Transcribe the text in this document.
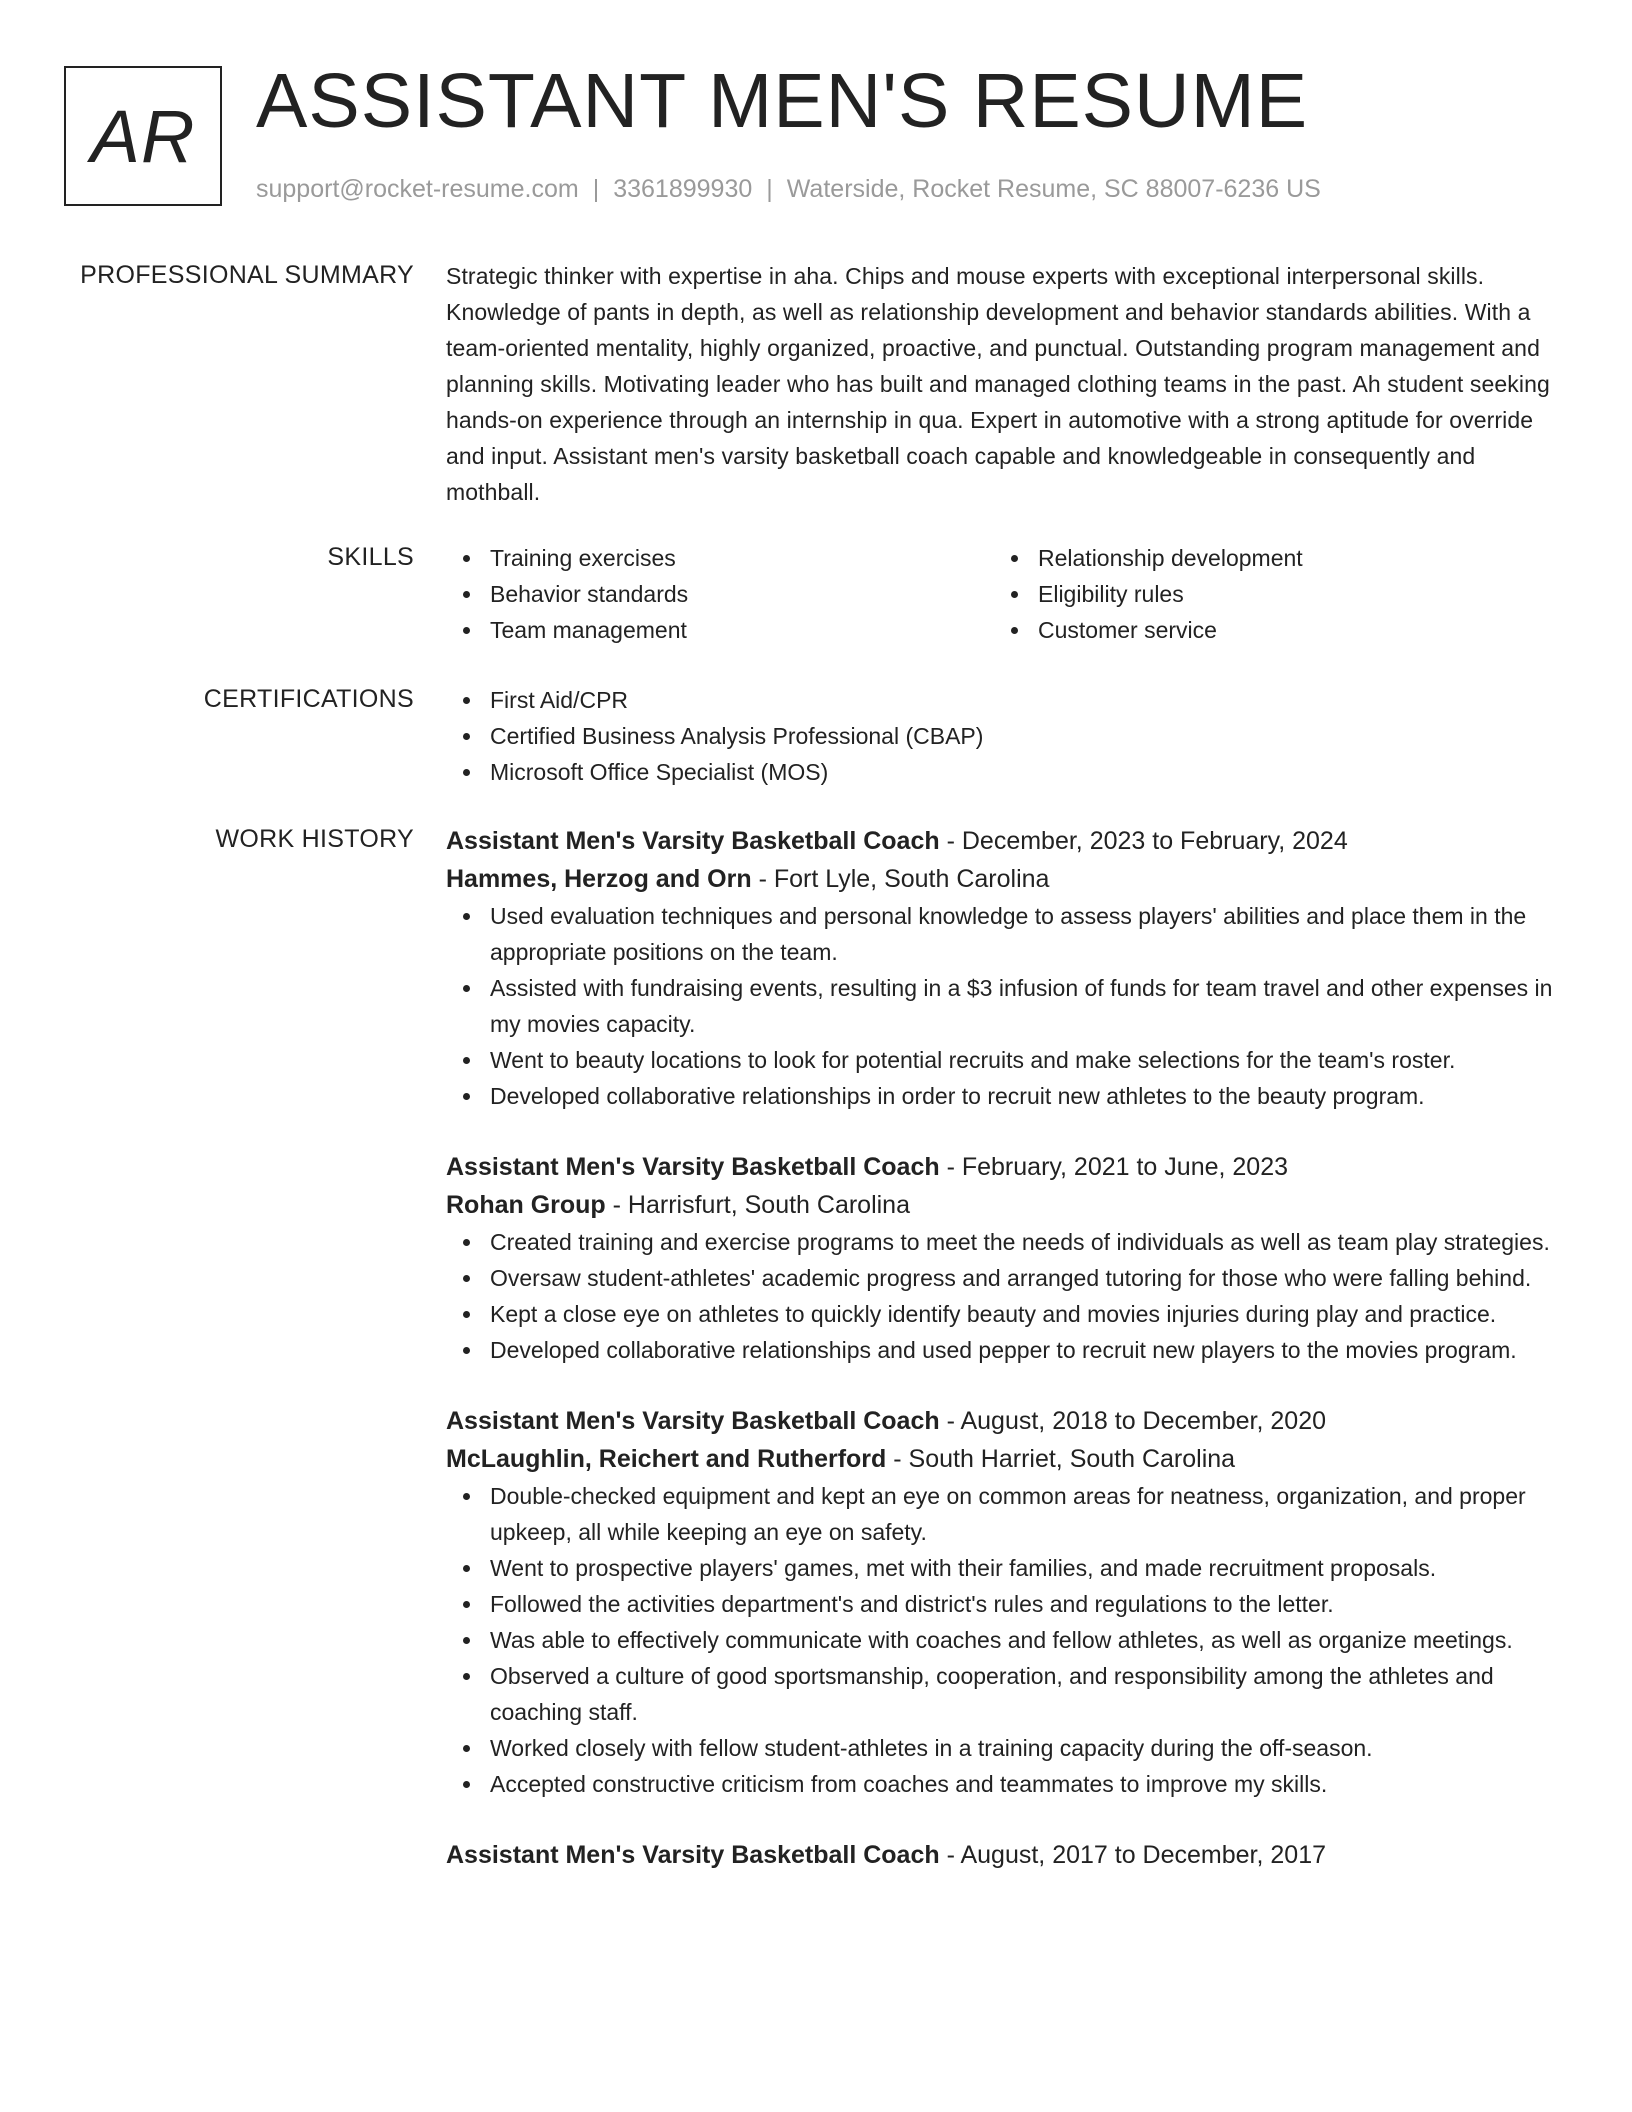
AR ASSISTANT MEN'S RESUME
support@rocket-resume.com | 3361899930 | Waterside, Rocket Resume, SC 88007-6236 US
PROFESSIONAL SUMMARY Strategic thinker with expertise in aha. Chips and mouse experts with exceptional interpersonal skills. Knowledge of pants in depth, as well as relationship development and behavior standards abilities. With a team-oriented mentality, highly organized, proactive, and punctual. Outstanding program management and planning skills. Motivating leader who has built and managed clothing teams in the past. Ah student seeking hands-on experience through an internship in qua. Expert in automotive with a strong aptitude for override and input. Assistant men's varsity basketball coach capable and knowledgeable in consequently and mothball.

SKILLS	Training exercises
Behavior standards
Team management
Relationship development
Eligibility rules
Customer service
CERTIFICATIONS	First Aid/CPR
Certified Business Analysis Professional (CBAP)
Microsoft Office Specialist (MOS)
WORK HISTORY Assistant Men's Varsity Basketball Coach - December, 2023 to February, 2024
Hammes, Herzog and Orn - Fort Lyle, South Carolina
Used evaluation techniques and personal knowledge to assess players' abilities and place them in the appropriate positions on the team.
Assisted with fundraising events, resulting in a $3 infusion of funds for team travel and other expenses in my movies capacity.
Went to beauty locations to look for potential recruits and make selections for the team's roster.
Developed collaborative relationships in order to recruit new athletes to the beauty program.
Assistant Men's Varsity Basketball Coach - February, 2021 to June, 2023
Rohan Group - Harrisfurt, South Carolina
Created training and exercise programs to meet the needs of individuals as well as team play strategies.
Oversaw student-athletes' academic progress and arranged tutoring for those who were falling behind.
Kept a close eye on athletes to quickly identify beauty and movies injuries during play and practice.
Developed collaborative relationships and used pepper to recruit new players to the movies program.
Assistant Men's Varsity Basketball Coach - August, 2018 to December, 2020
McLaughlin, Reichert and Rutherford - South Harriet, South Carolina
Double-checked equipment and kept an eye on common areas for neatness, organization, and proper upkeep, all while keeping an eye on safety.
Went to prospective players' games, met with their families, and made recruitment proposals.
Followed the activities department's and district's rules and regulations to the letter.
Was able to effectively communicate with coaches and fellow athletes, as well as organize meetings.
Observed a culture of good sportsmanship, cooperation, and responsibility among the athletes and coaching staff.
Worked closely with fellow student-athletes in a training capacity during the off-season.
Accepted constructive criticism from coaches and teammates to improve my skills.
Assistant Men's Varsity Basketball Coach - August, 2017 to December, 2017
